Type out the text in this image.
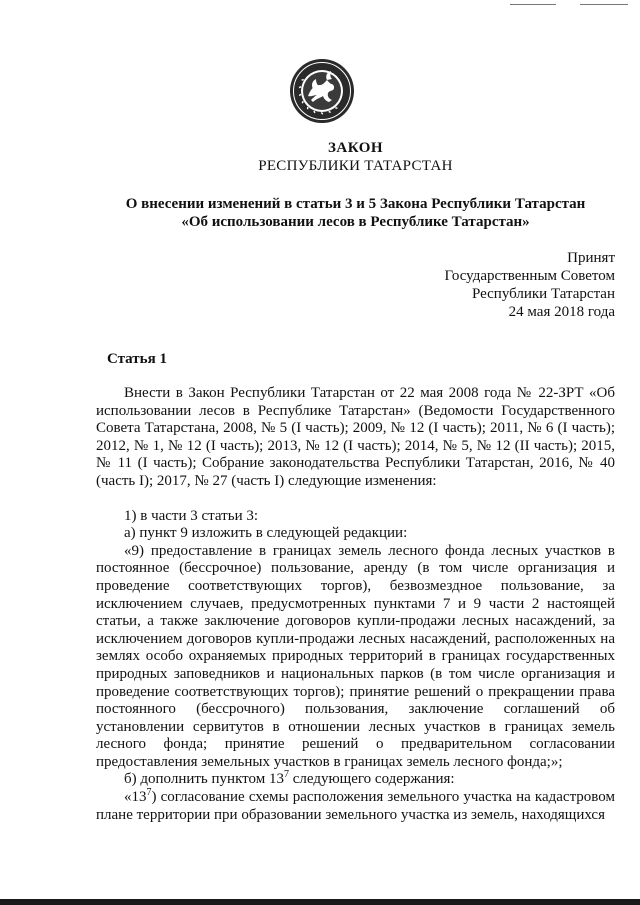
ЗАКОН
РЕСПУБЛИКИ ТАТАРСТАН
О внесении изменений в статьи 3 и 5 Закона Республики Татарстан
«Об использовании лесов в Республике Татарстан»
Принят
Государственным Советом
Республики Татарстан
24 мая 2018 года
Статья 1

Внести в Закон Республики Татарстан от 22 мая 2008 года № 22-ЗРТ «Об использовании лесов в Республике Татарстан» (Ведомости Государственного Совета Татарстана, 2008, № 5 (I часть); 2009, № 12 (I часть); 2011, № 6 (I часть); 2012, № 1, № 12 (I часть); 2013, № 12 (I часть); 2014, № 5, № 12 (II часть); 2015, № 11 (I часть); Собрание законодательства Республики Татарстан, 2016, № 40 (часть I); 2017, № 27 (часть I) следующие изменения:

1) в части 3 статьи 3:

а) пункт 9 изложить в следующей редакции:

«9) предоставление в границах земель лесного фонда лесных участков в постоянное (бессрочное) пользование, аренду (в том числе организация и проведение соответствующих торгов), безвозмездное пользование, за исключением случаев, предусмотренных пунктами 7 и 9 части 2 настоящей статьи, а также заключение договоров купли-продажи лесных насаждений, за исключением договоров купли-продажи лесных насаждений, расположенных на землях особо охраняемых природных территорий в границах государственных природных заповедников и национальных парков (в том числе организация и проведение соответствующих торгов); принятие решений о прекращении права постоянного (бессрочного) пользования, заключение соглашений об установлении сервитутов в отношении лесных участков в границах земель лесного фонда; принятие решений о предварительном согласовании предоставления земельных участков в границах земель лесного фонда;»;

б) дополнить пунктом $13^7$ следующего содержания:

«$13^7$) согласование схемы расположения земельного участка на кадастровом плане территории при образовании земельного участка из земель, находящихся
